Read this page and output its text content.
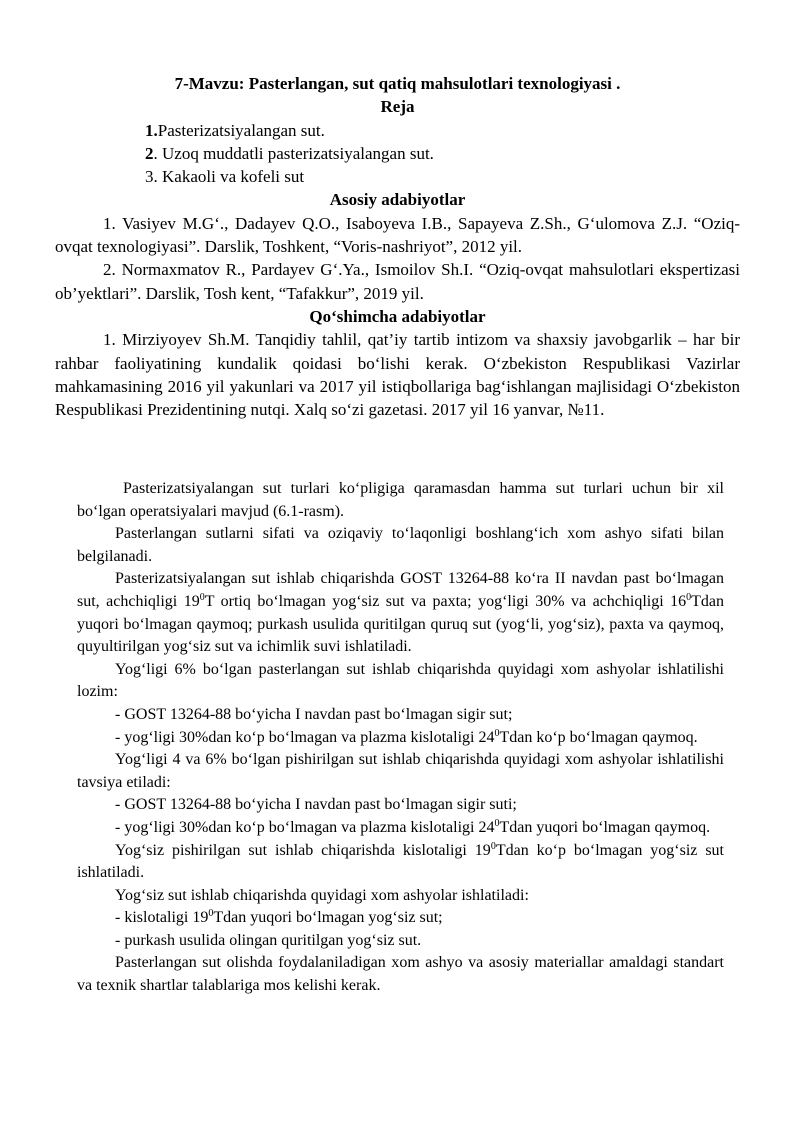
7-Mavzu: Pasterlangan, sut qatiq mahsulotlari texnologiyasi .

Reja

1.Pasterizatsiyalangan sut.

2. Uzoq muddatli pasterizatsiyalangan sut.

3. Kakaoli va kofeli sut

Asosiy adabiyotlar

1. Vasiyev M.G‘., Dadayev Q.O., Isaboyeva I.B., Sapayeva Z.Sh., G‘ulomova Z.J. “Oziq-ovqat texnologiyasi”. Darslik, Toshkent, “Voris-nashriyot”, 2012 yil.

2. Normaxmatov R., Pardayev G‘.Ya., Ismoilov Sh.I. “Oziq-ovqat mahsulotlari ekspertizasi ob’yektlari”. Darslik, Tosh kent, “Tafakkur”, 2019 yil.

Qo‘shimcha adabiyotlar

1. Mirziyoyev Sh.M. Tanqidiy tahlil, qat’iy tartib intizom va shaxsiy javobgarlik – har bir rahbar faoliyatining kundalik qoidasi bo‘lishi kerak. O‘zbekiston Respublikasi Vazirlar mahkamasining 2016 yil yakunlari va 2017 yil istiqbollariga bag‘ishlangan majlisidagi O‘zbekiston Respublikasi Prezidentining nutqi. Xalq so‘zi gazetasi. 2017 yil 16 yanvar, №11.

Pasterizatsiyalangan sut turlari ko‘pligiga qaramasdan hamma sut turlari uchun bir xil bo‘lgan operatsiyalari mavjud (6.1-rasm).

Pasterlangan sutlarni sifati va oziqaviy to‘laqonligi boshlang‘ich xom ashyo sifati bilan belgilanadi.

Pasterizatsiyalangan sut ishlab chiqarishda GOST 13264-88 ko‘ra II navdan past bo‘lmagan sut, achchiqligi $19^0T$ ortiq bo‘lmagan yog‘siz sut va paxta; yog‘ligi 30% va achchiqligi $16^0Tdan$ yuqori bo‘lmagan qaymoq; purkash usulida quritilgan quruq sut (yog‘li, yog‘siz), paxta va qaymoq, quyultirilgan yog‘siz sut va ichimlik suvi ishlatiladi.

Yog‘ligi 6% bo‘lgan pasterlangan sut ishlab chiqarishda quyidagi xom ashyolar ishlatilishi lozim:

- GOST 13264-88 bo‘yicha I navdan past bo‘lmagan sigir sut;

- yog‘ligi 30%dan ko‘p bo‘lmagan va plazma kislotaligi $24^0Tdan$ ko‘p bo‘lmagan qaymoq.

Yog‘ligi 4 va 6% bo‘lgan pishirilgan sut ishlab chiqarishda quyidagi xom ashyolar ishlatilishi tavsiya etiladi:

- GOST 13264-88 bo‘yicha I navdan past bo‘lmagan sigir suti;

- yog‘ligi 30%dan ko‘p bo‘lmagan va plazma kislotaligi $24^0Tdan$ yuqori bo‘lmagan qaymoq.

Yog‘siz pishirilgan sut ishlab chiqarishda kislotaligi $19^0Tdan$ ko‘p bo‘lmagan yog‘siz sut ishlatiladi.

Yog‘siz sut ishlab chiqarishda quyidagi xom ashyolar ishlatiladi:

- kislotaligi $19^0Tdan$ yuqori bo‘lmagan yog‘siz sut;

- purkash usulida olingan quritilgan yog‘siz sut.

Pasterlangan sut olishda foydalaniladigan xom ashyo va asosiy materiallar amaldagi standart va texnik shartlar talablariga mos kelishi kerak.
